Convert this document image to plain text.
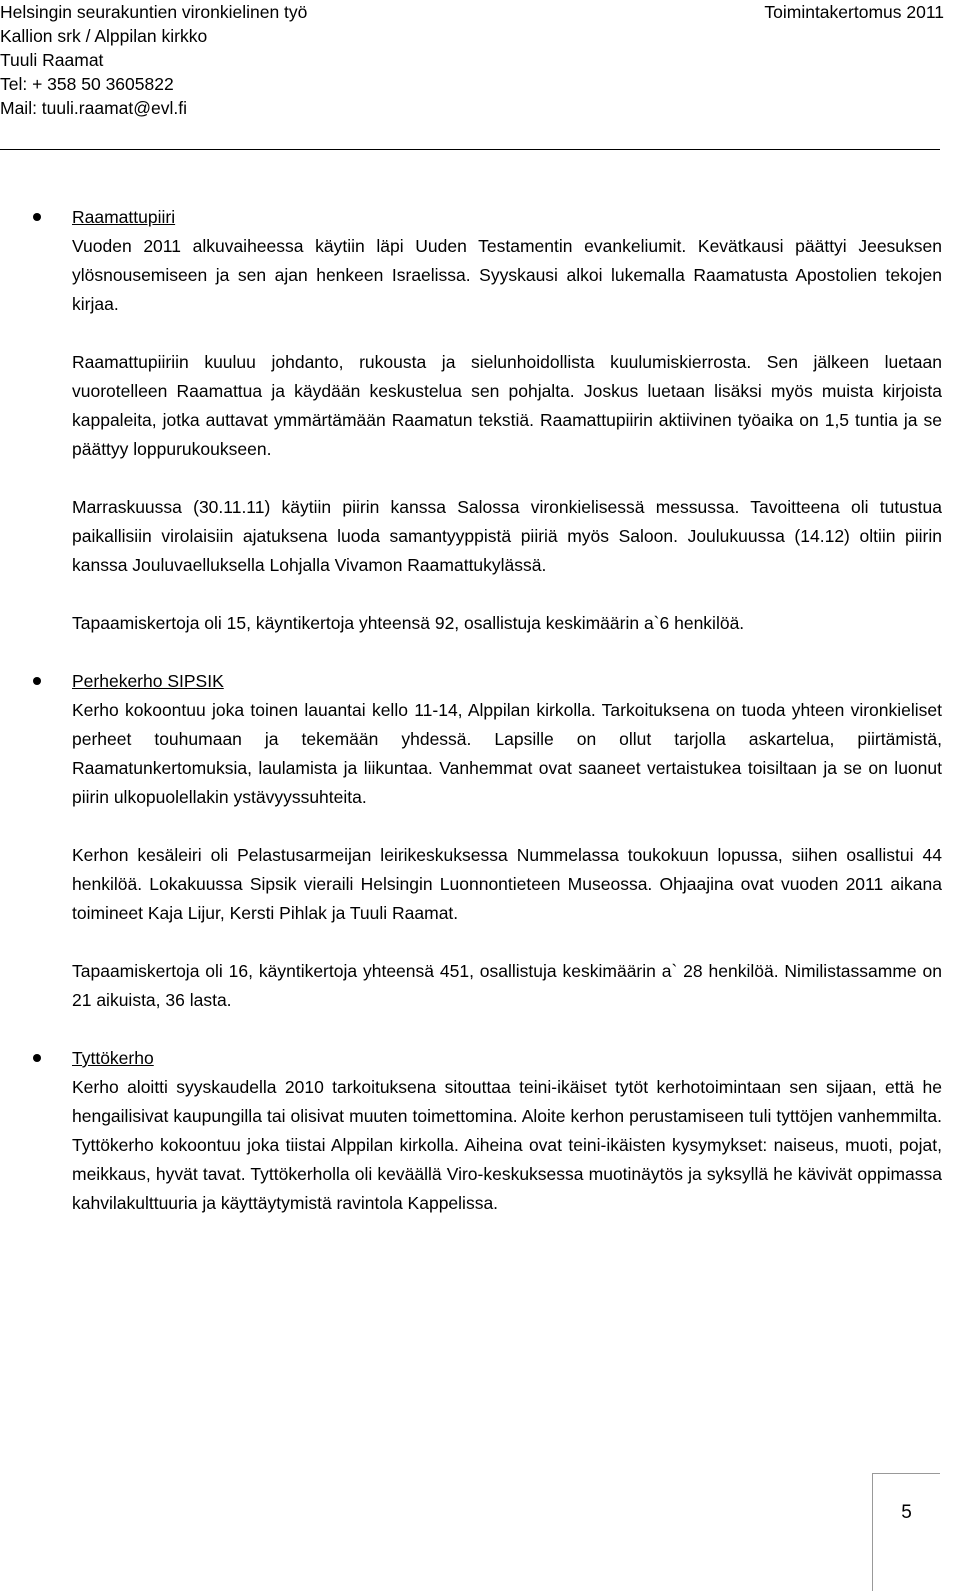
Helsingin seurakuntien vironkielinen työ
Kallion srk / Alppilan kirkko
Tuuli Raamat
Tel: + 358 50 3605822
Mail: tuuli.raamat@evl.fi
Toimintakertomus 2011
Raamattupiiri

Vuoden 2011 alkuvaiheessa käytiin läpi Uuden Testamentin evankeliumit. Kevätkausi päättyi Jeesuksen ylösnousemiseen ja sen ajan henkeen Israelissa. Syyskausi alkoi lukemalla Raamatusta Apostolien tekojen kirjaa.

Raamattupiiriin kuuluu johdanto, rukousta ja sielunhoidollista kuulumiskierrosta. Sen jälkeen luetaan vuorotelleen Raamattua ja käydään keskustelua sen pohjalta. Joskus luetaan lisäksi myös muista kirjoista kappaleita, jotka auttavat ymmärtämään Raamatun tekstiä. Raamattupiirin aktiivinen työaika on 1,5 tuntia ja se päättyy loppurukoukseen.

Marraskuussa (30.11.11) käytiin piirin kanssa Salossa vironkielisessä messussa. Tavoitteena oli tutustua paikallisiin virolaisiin ajatuksena luoda samantyyppistä piiriä myös Saloon. Joulukuussa (14.12) oltiin piirin kanssa Jouluvaelluksella Lohjalla Vivamon Raamattukylässä.

Tapaamiskertoja oli 15, käyntikertoja yhteensä 92, osallistuja keskimäärin a`6 henkilöä.

Perhekerho SIPSIK

Kerho kokoontuu joka toinen lauantai kello 11-14, Alppilan kirkolla. Tarkoituksena on tuoda yhteen vironkieliset perheet touhumaan ja tekemään yhdessä. Lapsille on ollut tarjolla askartelua, piirtämistä, Raamatunkertomuksia, laulamista ja liikuntaa. Vanhemmat ovat saaneet vertaistukea toisiltaan ja se on luonut piirin ulkopuolellakin ystävyyssuhteita.

Kerhon kesäleiri oli Pelastusarmeijan leirikeskuksessa Nummelassa toukokuun lopussa, siihen osallistui 44 henkilöä. Lokakuussa Sipsik vieraili Helsingin Luonnontieteen Museossa. Ohjaajina ovat vuoden 2011 aikana toimineet Kaja Lijur, Kersti Pihlak ja Tuuli Raamat.

Tapaamiskertoja oli 16, käyntikertoja yhteensä 451, osallistuja keskimäärin a` 28 henkilöä. Nimilistassamme on 21 aikuista, 36 lasta.

Tyttökerho

Kerho aloitti syyskaudella 2010 tarkoituksena sitouttaa teini-ikäiset tytöt kerhotoimintaan sen sijaan, että he hengailisivat kaupungilla tai olisivat muuten toimettomina. Aloite kerhon perustamiseen tuli tyttöjen vanhemmilta. Tyttökerho kokoontuu joka tiistai Alppilan kirkolla. Aiheina ovat teini-ikäisten kysymykset: naiseus, muoti, pojat, meikkaus, hyvät tavat. Tyttökerholla oli keväällä Viro-keskuksessa muotinäytös ja syksyllä he kävivät oppimassa kahvilakulttuuria ja käyttäytymistä ravintola Kappelissa.

5
